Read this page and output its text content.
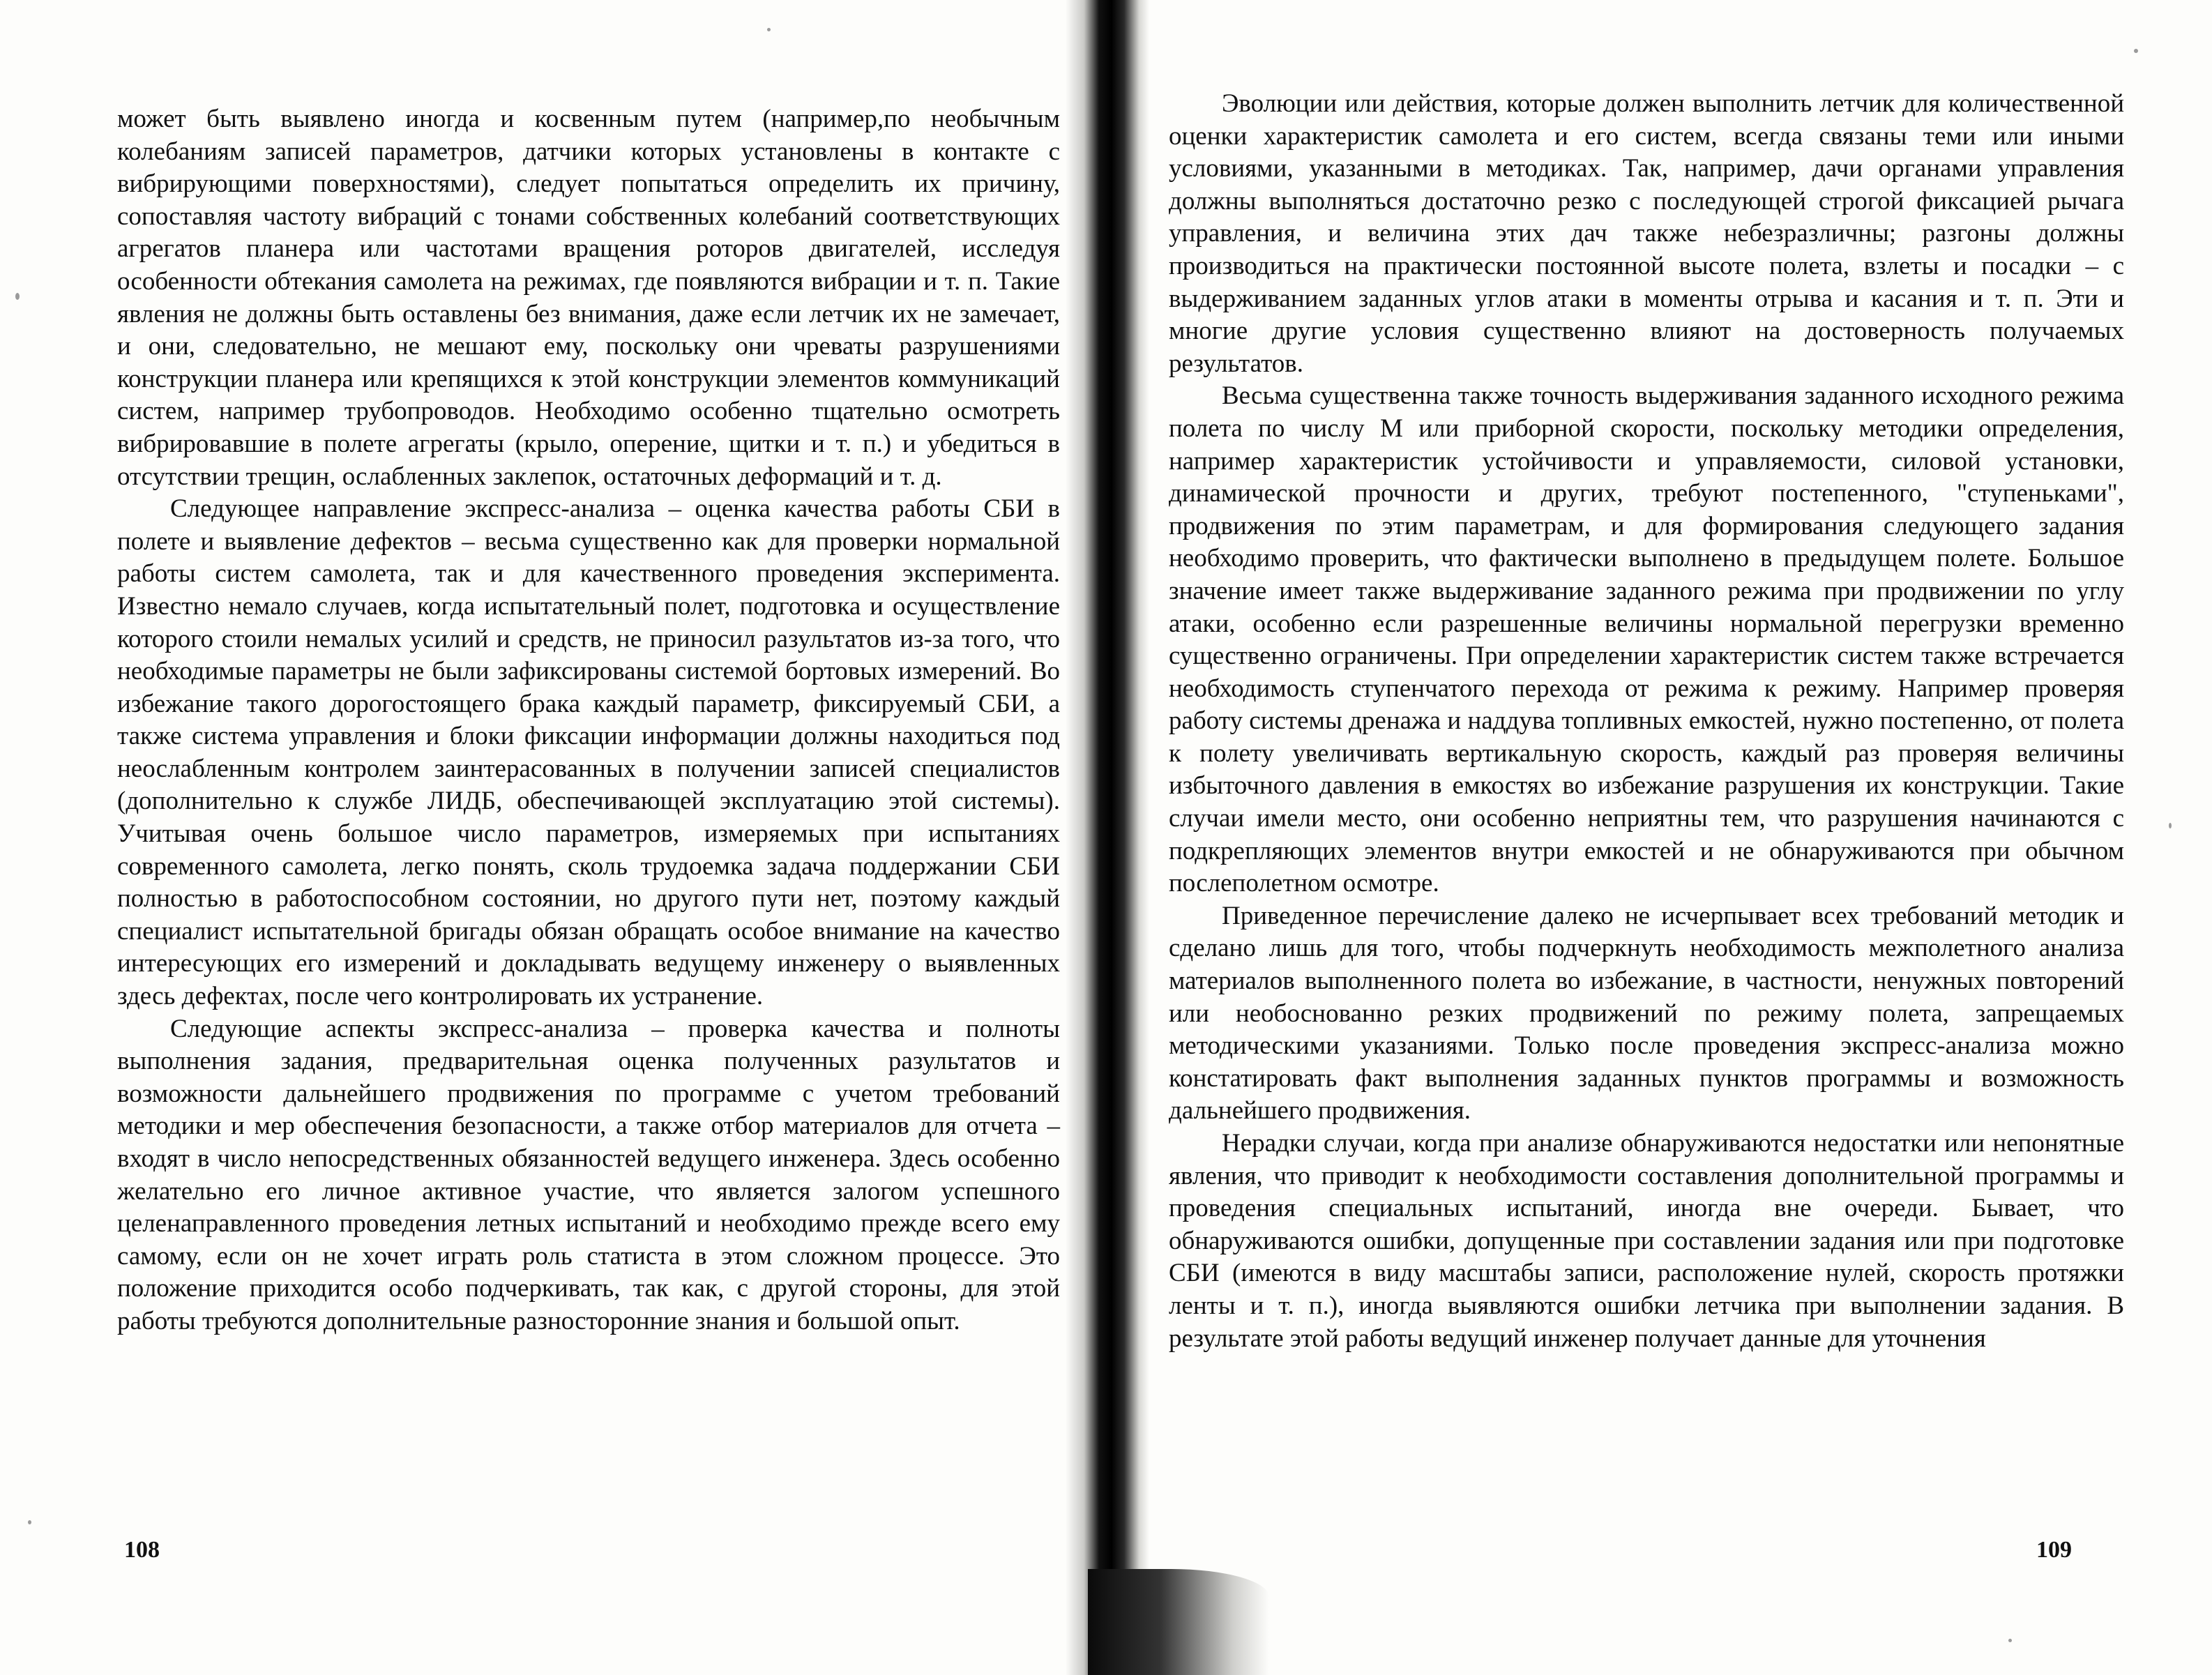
может быть выявлено иногда и косвенным путем (например,по необычным колебаниям записей параметров, датчики которых установлены в контакте с вибрирующими поверхностями), следует попытаться определить их причину, сопоставляя частоту вибраций с тонами собственных колебаний соответствующих агрегатов планера или частотами вращения роторов двигателей, исследуя особенности обтекания самолета на режимах, где появляются вибрации и т. п. Такие явления не должны быть оставлены без внимания, даже если летчик их не замечает, и они, следовательно, не мешают ему, поскольку они чреваты разрушениями конструкции планера или крепящихся к этой конструкции элементов коммуникаций систем, например трубопроводов. Необходимо особенно тщательно осмотреть вибрировавшие в полете агрегаты (крыло, оперение, щитки и т. п.) и убедиться в отсутствии трещин, ослабленных заклепок, остаточных деформаций и т. д.

Следующее направление экспресс-анализа – оценка качества работы СБИ в полете и выявление дефектов – весьма существенно как для проверки нормальной работы систем самолета, так и для качественного проведения эксперимента. Известно немало случаев, когда испытательный полет, подготовка и осуществление которого стоили немалых усилий и средств, не приносил разультатов из-за того, что необходимые параметры не были зафиксированы системой бортовых измерений. Во избежание такого дорогостоящего брака каждый параметр, фиксируемый СБИ, а также система управления и блоки фиксации информации должны находиться под неослабленным контролем заинтерасованных в получении записей специалистов (дополнительно к службе ЛИДБ, обеспечивающей эксплуатацию этой системы). Учитывая очень большое число параметров, измеряемых при испытаниях современного самолета, легко понять, сколь трудоемка задача поддержании СБИ полностью в работоспособном состоянии, но другого пути нет, поэтому каждый специалист испытательной бригады обязан обращать особое внимание на качество интересующих его измерений и докладывать ведущему инженеру о выявленных здесь дефектах, после чего контролировать их устранение.

Следующие аспекты экспресс-анализа – проверка качества и полноты выполнения задания, предварительная оценка полученных разультатов и возможности дальнейшего продвижения по программе с учетом требований методики и мер обеспечения безопасности, а также отбор материалов для отчета – входят в число непосредственных обязанностей ведущего инженера. Здесь особенно желательно его личное активное участие, что является залогом успешного целенаправленного проведения летных испытаний и необходимо прежде всего ему самому, если он не хочет играть роль статиста в этом сложном процессе. Это положение приходится особо подчеркивать, так как, с другой стороны, для этой работы требуются дополнительные разносторонние знания и большой опыт.

108

Эволюции или действия, которые должен выполнить летчик для количественной оценки характеристик самолета и его систем, всегда связаны теми или иными условиями, указанными в методиках. Так, например, дачи органами управления должны выполняться достаточно резко с последующей строгой фиксацией рычага управления, и величина этих дач также небезразличны; разгоны должны производиться на практически постоянной высоте полета, взлеты и посадки – с выдерживанием заданных углов атаки в моменты отрыва и касания и т. п. Эти и многие другие условия существенно влияют на достоверность получаемых результатов.

Весьма существенна также точность выдерживания заданного исходного режима полета по числу М или приборной скорости, поскольку методики определения, например характеристик устойчивости и управляемости, силовой установки, динамической прочности и других, требуют постепенного, "ступеньками", продвижения по этим параметрам, и для формирования следующего задания необходимо проверить, что фактически выполнено в предыдущем полете. Большое значение имеет также выдерживание заданного режима при продвижении по углу атаки, особенно если разрешенные величины нормальной перегрузки временно существенно ограничены. При определении характеристик систем также встречается необходимость ступенчатого перехода от режима к режиму. Например проверяя работу системы дренажа и наддува топливных емкостей, нужно постепенно, от полета к полету увеличивать вертикальную скорость, каждый раз проверяя величины избыточного давления в емкостях во избежание разрушения их конструкции. Такие случаи имели место, они особенно неприятны тем, что разрушения начинаются с подкрепляющих элементов внутри емкостей и не обнаруживаются при обычном послеполетном осмотре.

Приведенное перечисление далеко не исчерпывает всех требований методик и сделано лишь для того, чтобы подчеркнуть необходимость межполетного анализа материалов выполненного полета во избежание, в частности, ненужных повторений или необоснованно резких продвижений по режиму полета, запрещаемых методическими указаниями. Только после проведения экспресс-анализа можно констатировать факт выполнения заданных пунктов программы и возможность дальнейшего продвижения.

Нерадки случаи, когда при анализе обнаруживаются недостатки или непонятные явления, что приводит к необходимости составления дополнительной программы и проведения специальных испытаний, иногда вне очереди. Бывает, что обнаруживаются ошибки, допущенные при составлении задания или при подготовке СБИ (имеются в виду масштабы записи, расположение нулей, скорость протяжки ленты и т. п.), иногда выявляются ошибки летчика при выполнении задания. В результате этой работы ведущий инженер получает данные для уточнения

109
